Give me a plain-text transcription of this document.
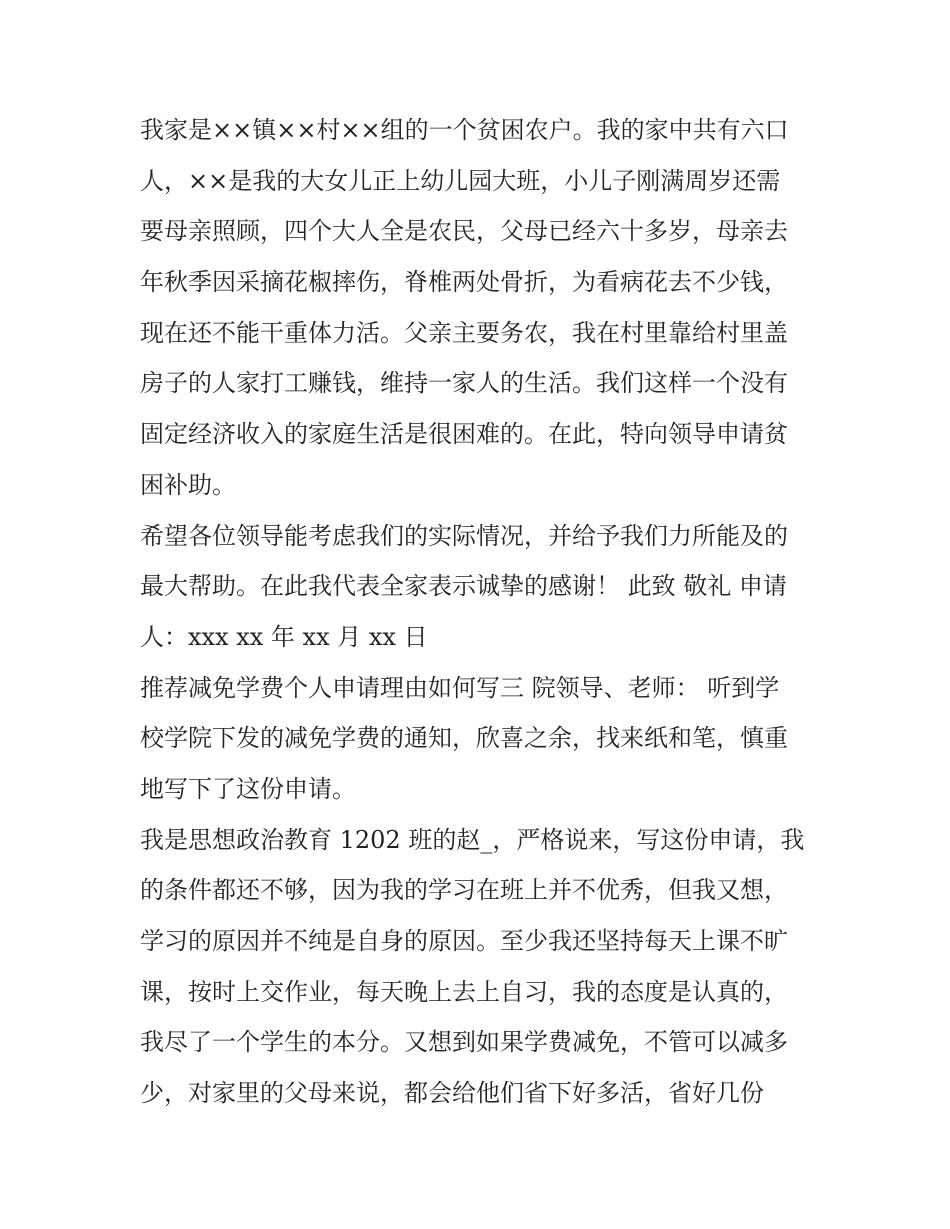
我家是××镇××村××组的一个贫困农户。我的家中共有六口
人，××是我的大女儿正上幼儿园大班，小儿子刚满周岁还需
要母亲照顾，四个大人全是农民，父母已经六十多岁，母亲去
年秋季因采摘花椒摔伤，脊椎两处骨折，为看病花去不少钱，
现在还不能干重体力活。父亲主要务农，我在村里靠给村里盖
房子的人家打工赚钱，维持一家人的生活。我们这样一个没有
固定经济收入的家庭生活是很困难的。在此，特向领导申请贫
困补助。
希望各位领导能考虑我们的实际情况，并给予我们力所能及的
最大帮助。在此我代表全家表示诚挚的感谢！ 此致 敬礼 申请
人：xxx xx 年 xx 月 xx 日
推荐减免学费个人申请理由如何写三 院领导、老师： 听到学
校学院下发的减免学费的通知，欣喜之余，找来纸和笔，慎重
地写下了这份申请。
我是思想政治教育 1202 班的赵_，严格说来，写这份申请，我
的条件都还不够，因为我的学习在班上并不优秀，但我又想，
学习的原因并不纯是自身的原因。至少我还坚持每天上课不旷
课，按时上交作业，每天晚上去上自习，我的态度是认真的，
我尽了一个学生的本分。又想到如果学费减免，不管可以减多
少，对家里的父母来说，都会给他们省下好多活，省好几份
